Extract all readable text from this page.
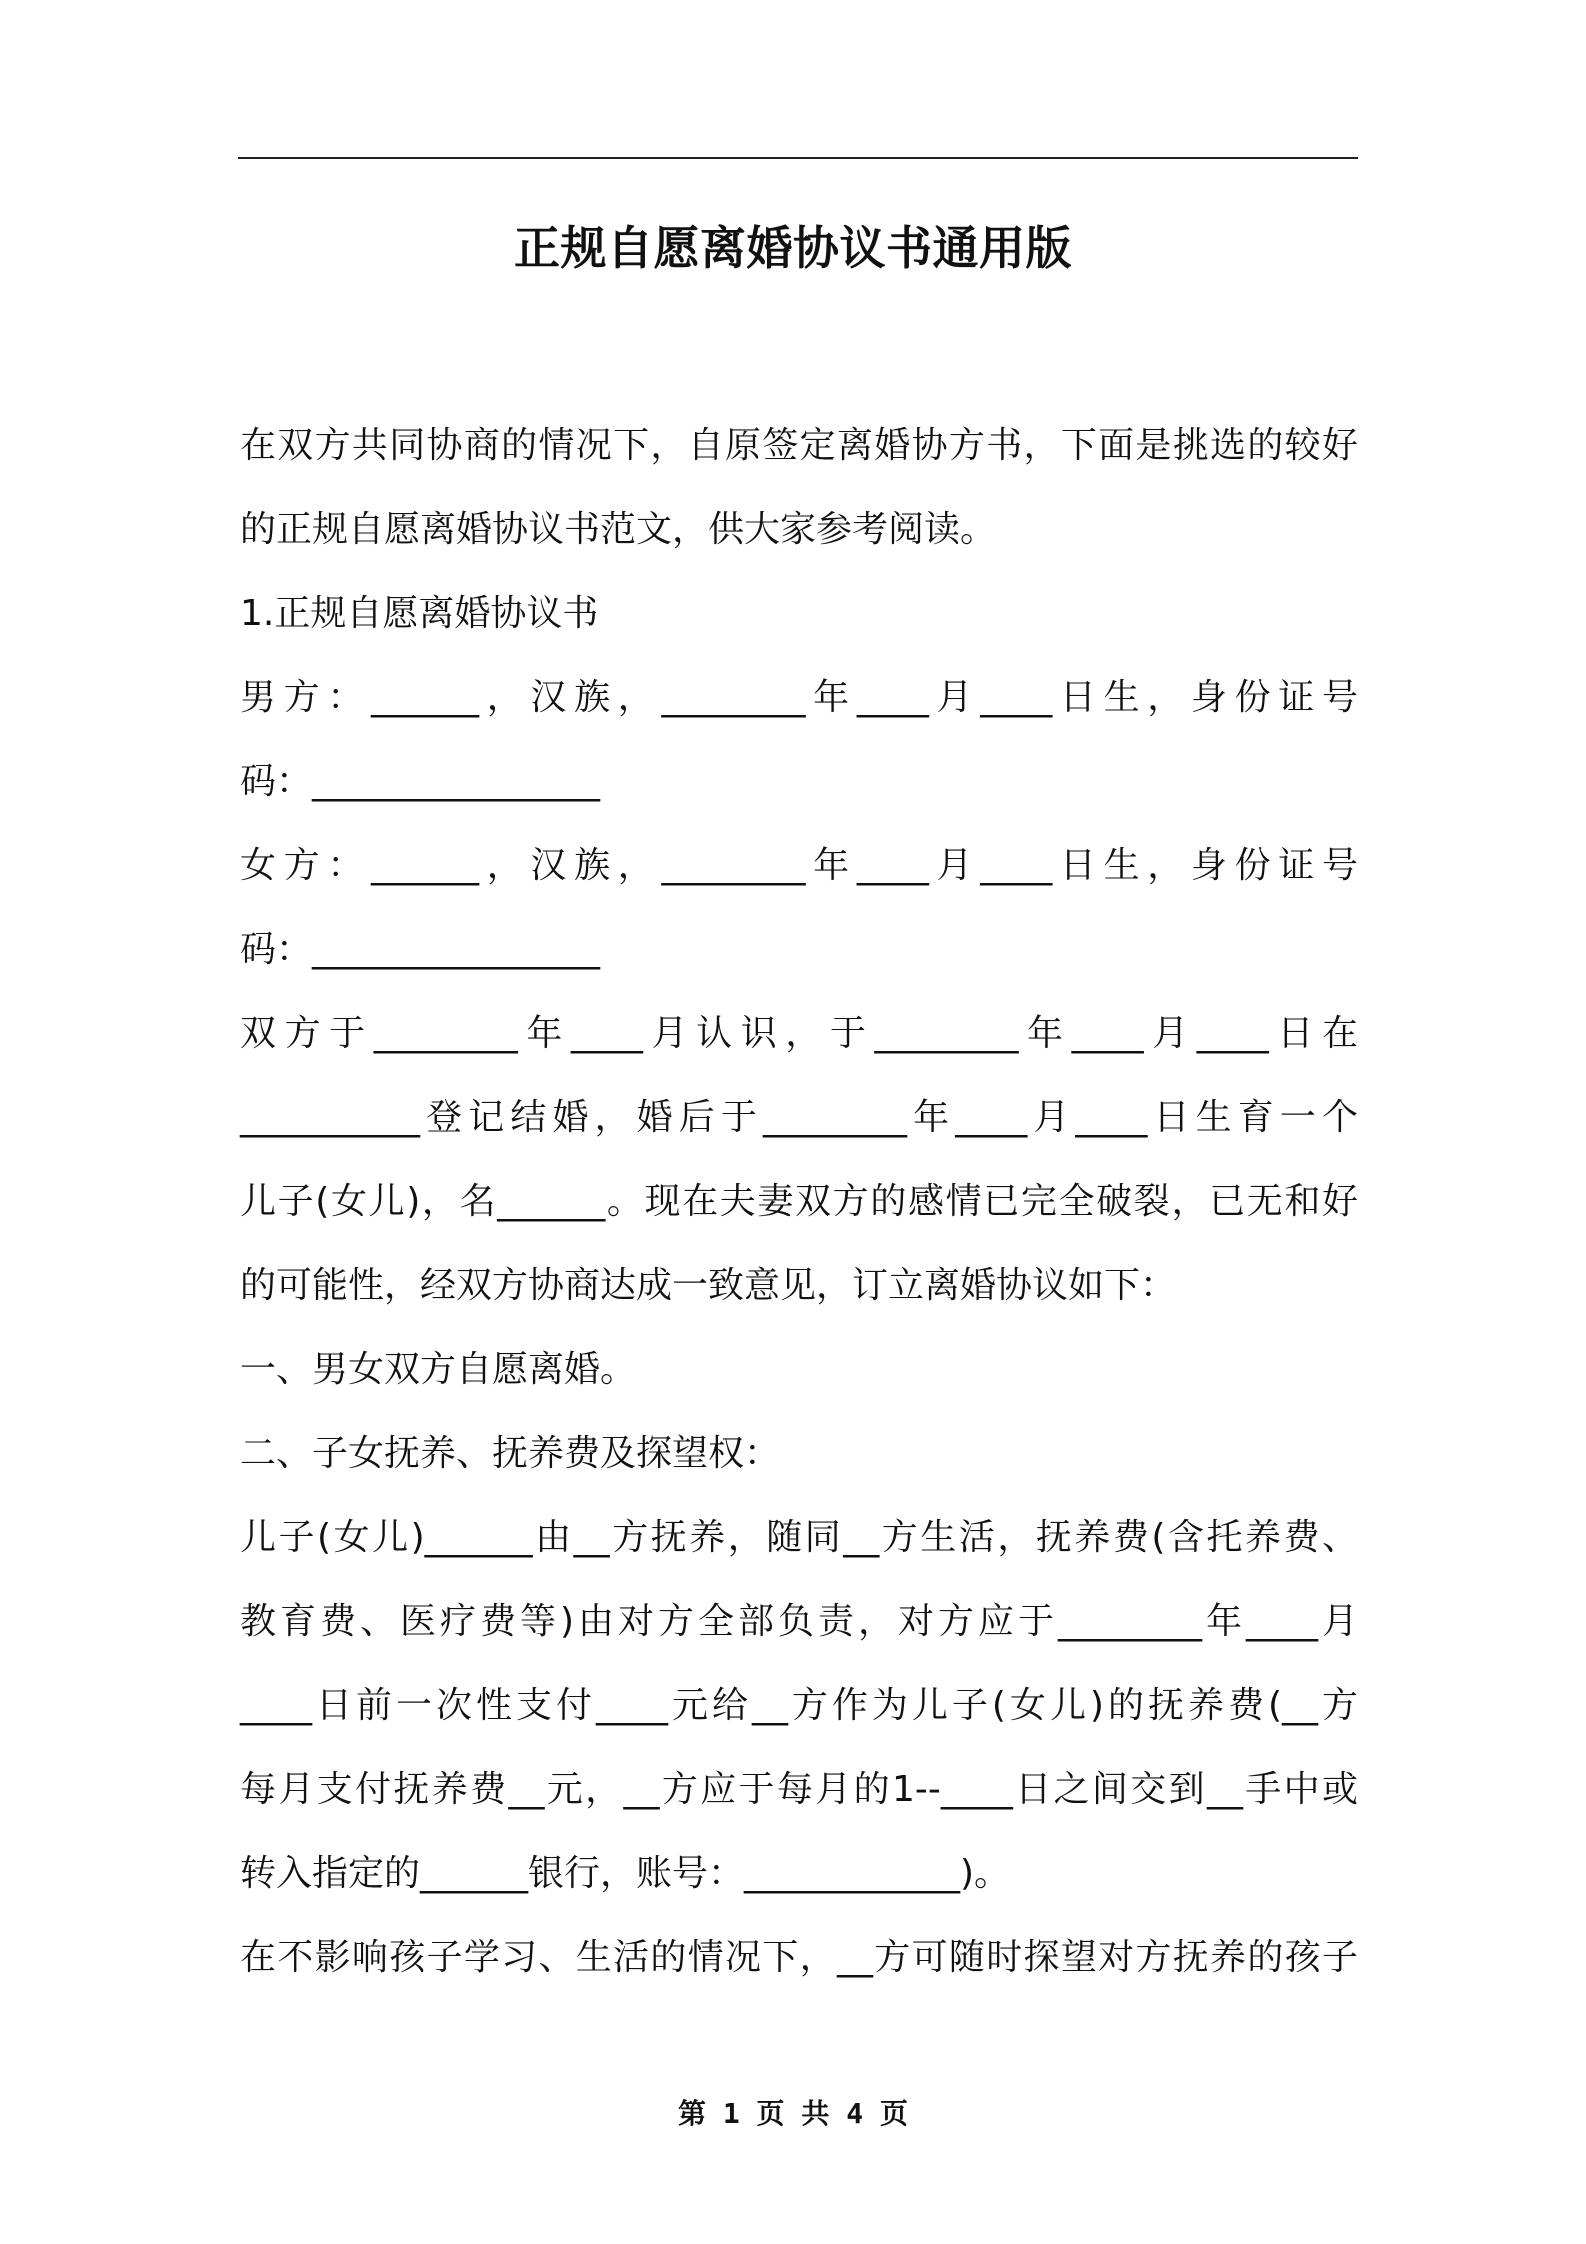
正规自愿离婚协议书通用版
在双方共同协商的情况下，自原签定离婚协方书，下面是挑选的较好
的正规自愿离婚协议书范文，供大家参考阅读。
1.正规自愿离婚协议书
男方：______，汉族，________年____月____日生，身份证号
码：________________
女方：______，汉族，________年____月____日生，身份证号
码：________________
双方于________年____月认识，于________年____月____日在
__________登记结婚，婚后于________年____月____日生育一个
儿子(女儿)，名______。现在夫妻双方的感情已完全破裂，已无和好
的可能性，经双方协商达成一致意见，订立离婚协议如下：
一、男女双方自愿离婚。
二、子女抚养、抚养费及探望权：
儿子(女儿)______由__方抚养，随同__方生活，抚养费(含托养费、
教育费、医疗费等)由对方全部负责，对方应于________年____月
____日前一次性支付____元给__方作为儿子(女儿)的抚养费(__方
每月支付抚养费__元，__方应于每月的1--____日之间交到__手中或
转入指定的______银行，账号：____________)。
在不影响孩子学习、生活的情况下，__方可随时探望对方抚养的孩子
第 1 页 共 4 页
